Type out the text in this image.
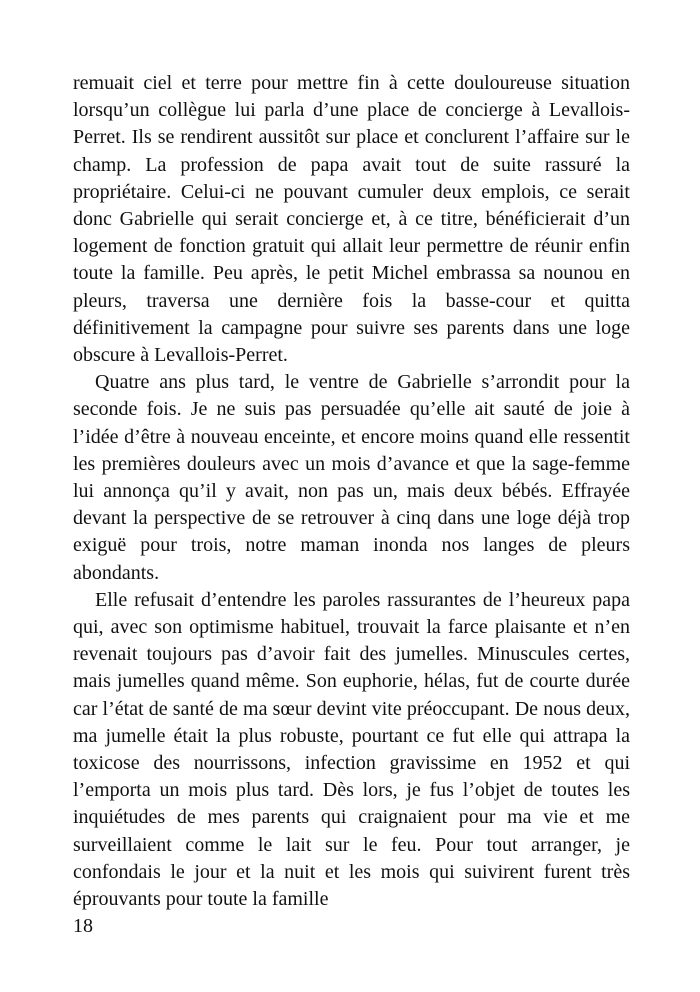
remuait ciel et terre pour mettre fin à cette douloureuse situation lorsqu’un collègue lui parla d’une place de concierge à Levallois-Perret. Ils se rendirent aussitôt sur place et conclurent l’affaire sur le champ. La profession de papa avait tout de suite rassuré la propriétaire. Celui-ci ne pouvant cumuler deux emplois, ce serait donc Gabrielle qui serait concierge et, à ce titre, bénéficierait d’un logement de fonction gratuit qui allait leur permettre de réunir enfin toute la famille. Peu après, le petit Michel embrassa sa nounou en pleurs, traversa une dernière fois la basse-cour et quitta définitivement la campagne pour suivre ses parents dans une loge obscure à Levallois-Perret.

Quatre ans plus tard, le ventre de Gabrielle s’arrondit pour la seconde fois. Je ne suis pas persuadée qu’elle ait sauté de joie à l’idée d’être à nouveau enceinte, et encore moins quand elle ressentit les premières douleurs avec un mois d’avance et que la sage-femme lui annonça qu’il y avait, non pas un, mais deux bébés. Effrayée devant la perspective de se retrouver à cinq dans une loge déjà trop exiguë pour trois, notre maman inonda nos langes de pleurs abondants.

Elle refusait d’entendre les paroles rassurantes de l’heureux papa qui, avec son optimisme habituel, trouvait la farce plaisante et n’en revenait toujours pas d’avoir fait des jumelles. Minuscules certes, mais jumelles quand même. Son euphorie, hélas, fut de courte durée car l’état de santé de ma sœur devint vite préoccupant. De nous deux, ma jumelle était la plus robuste, pourtant ce fut elle qui attrapa la toxicose des nourrissons, infection gravissime en 1952 et qui l’emporta un mois plus tard. Dès lors, je fus l’objet de toutes les inquiétudes de mes parents qui craignaient pour ma vie et me surveillaient comme le lait sur le feu. Pour tout arranger, je confondais le jour et la nuit et les mois qui suivirent furent très éprouvants pour toute la famille

18
